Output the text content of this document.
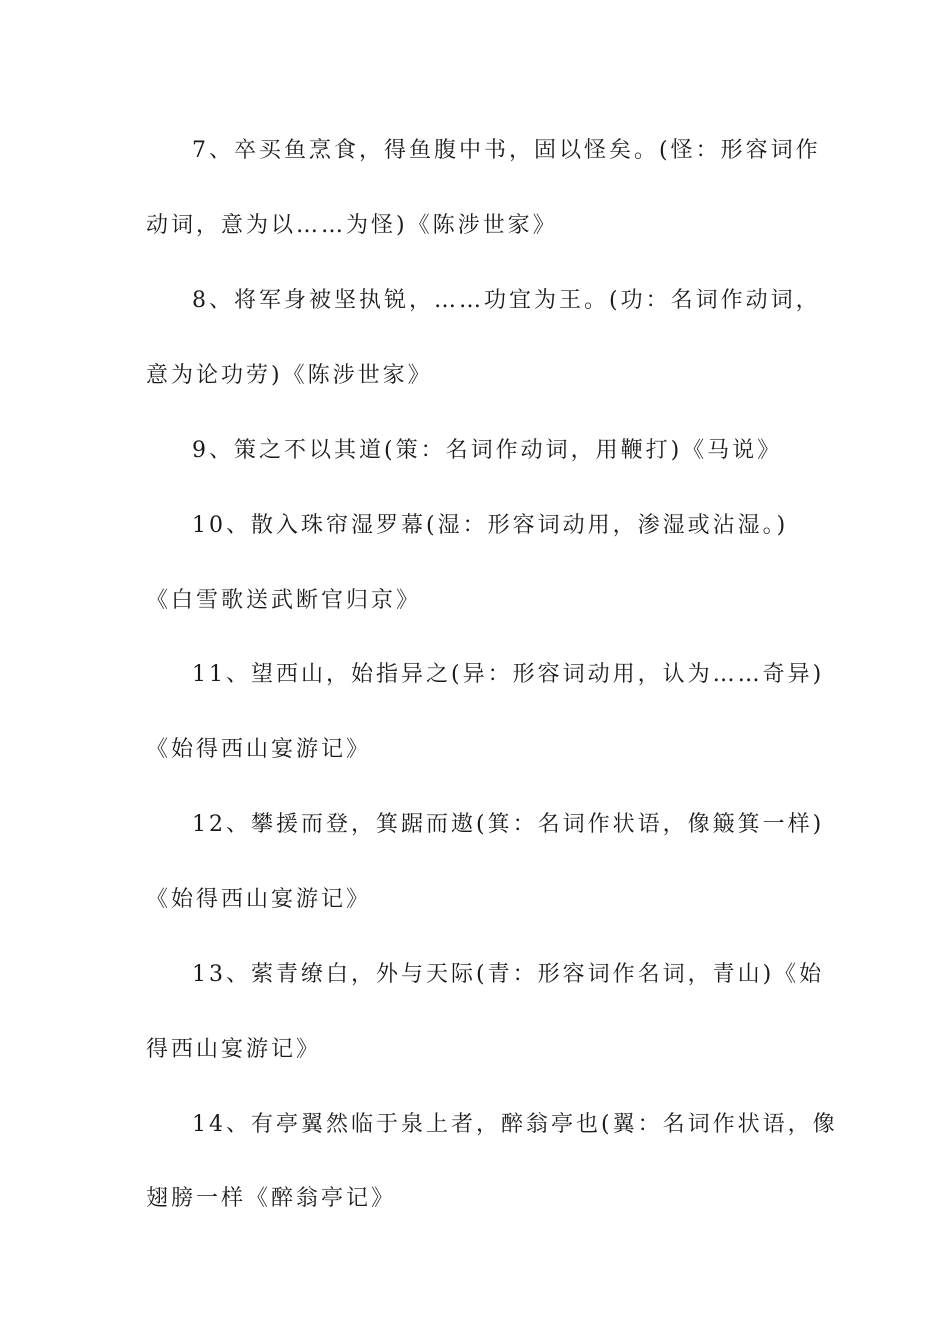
7、卒买鱼烹食，得鱼腹中书，固以怪矣。(怪：形容词作
动词，意为以……为怪)《陈涉世家》
8、将军身被坚执锐，……功宜为王。(功：名词作动词，
意为论功劳)《陈涉世家》
9、策之不以其道(策：名词作动词，用鞭打)《马说》
10、散入珠帘湿罗幕(湿：形容词动用，渗湿或沾湿。)
《白雪歌送武断官归京》
11、望西山，始指异之(异：形容词动用，认为……奇异)
《始得西山宴游记》
12、攀援而登，箕踞而遨(箕：名词作状语，像簸箕一样)
《始得西山宴游记》
13、萦青缭白，外与天际(青：形容词作名词，青山)《始
得西山宴游记》
14、有亭翼然临于泉上者，醉翁亭也(翼：名词作状语，像
翅膀一样《醉翁亭记》
